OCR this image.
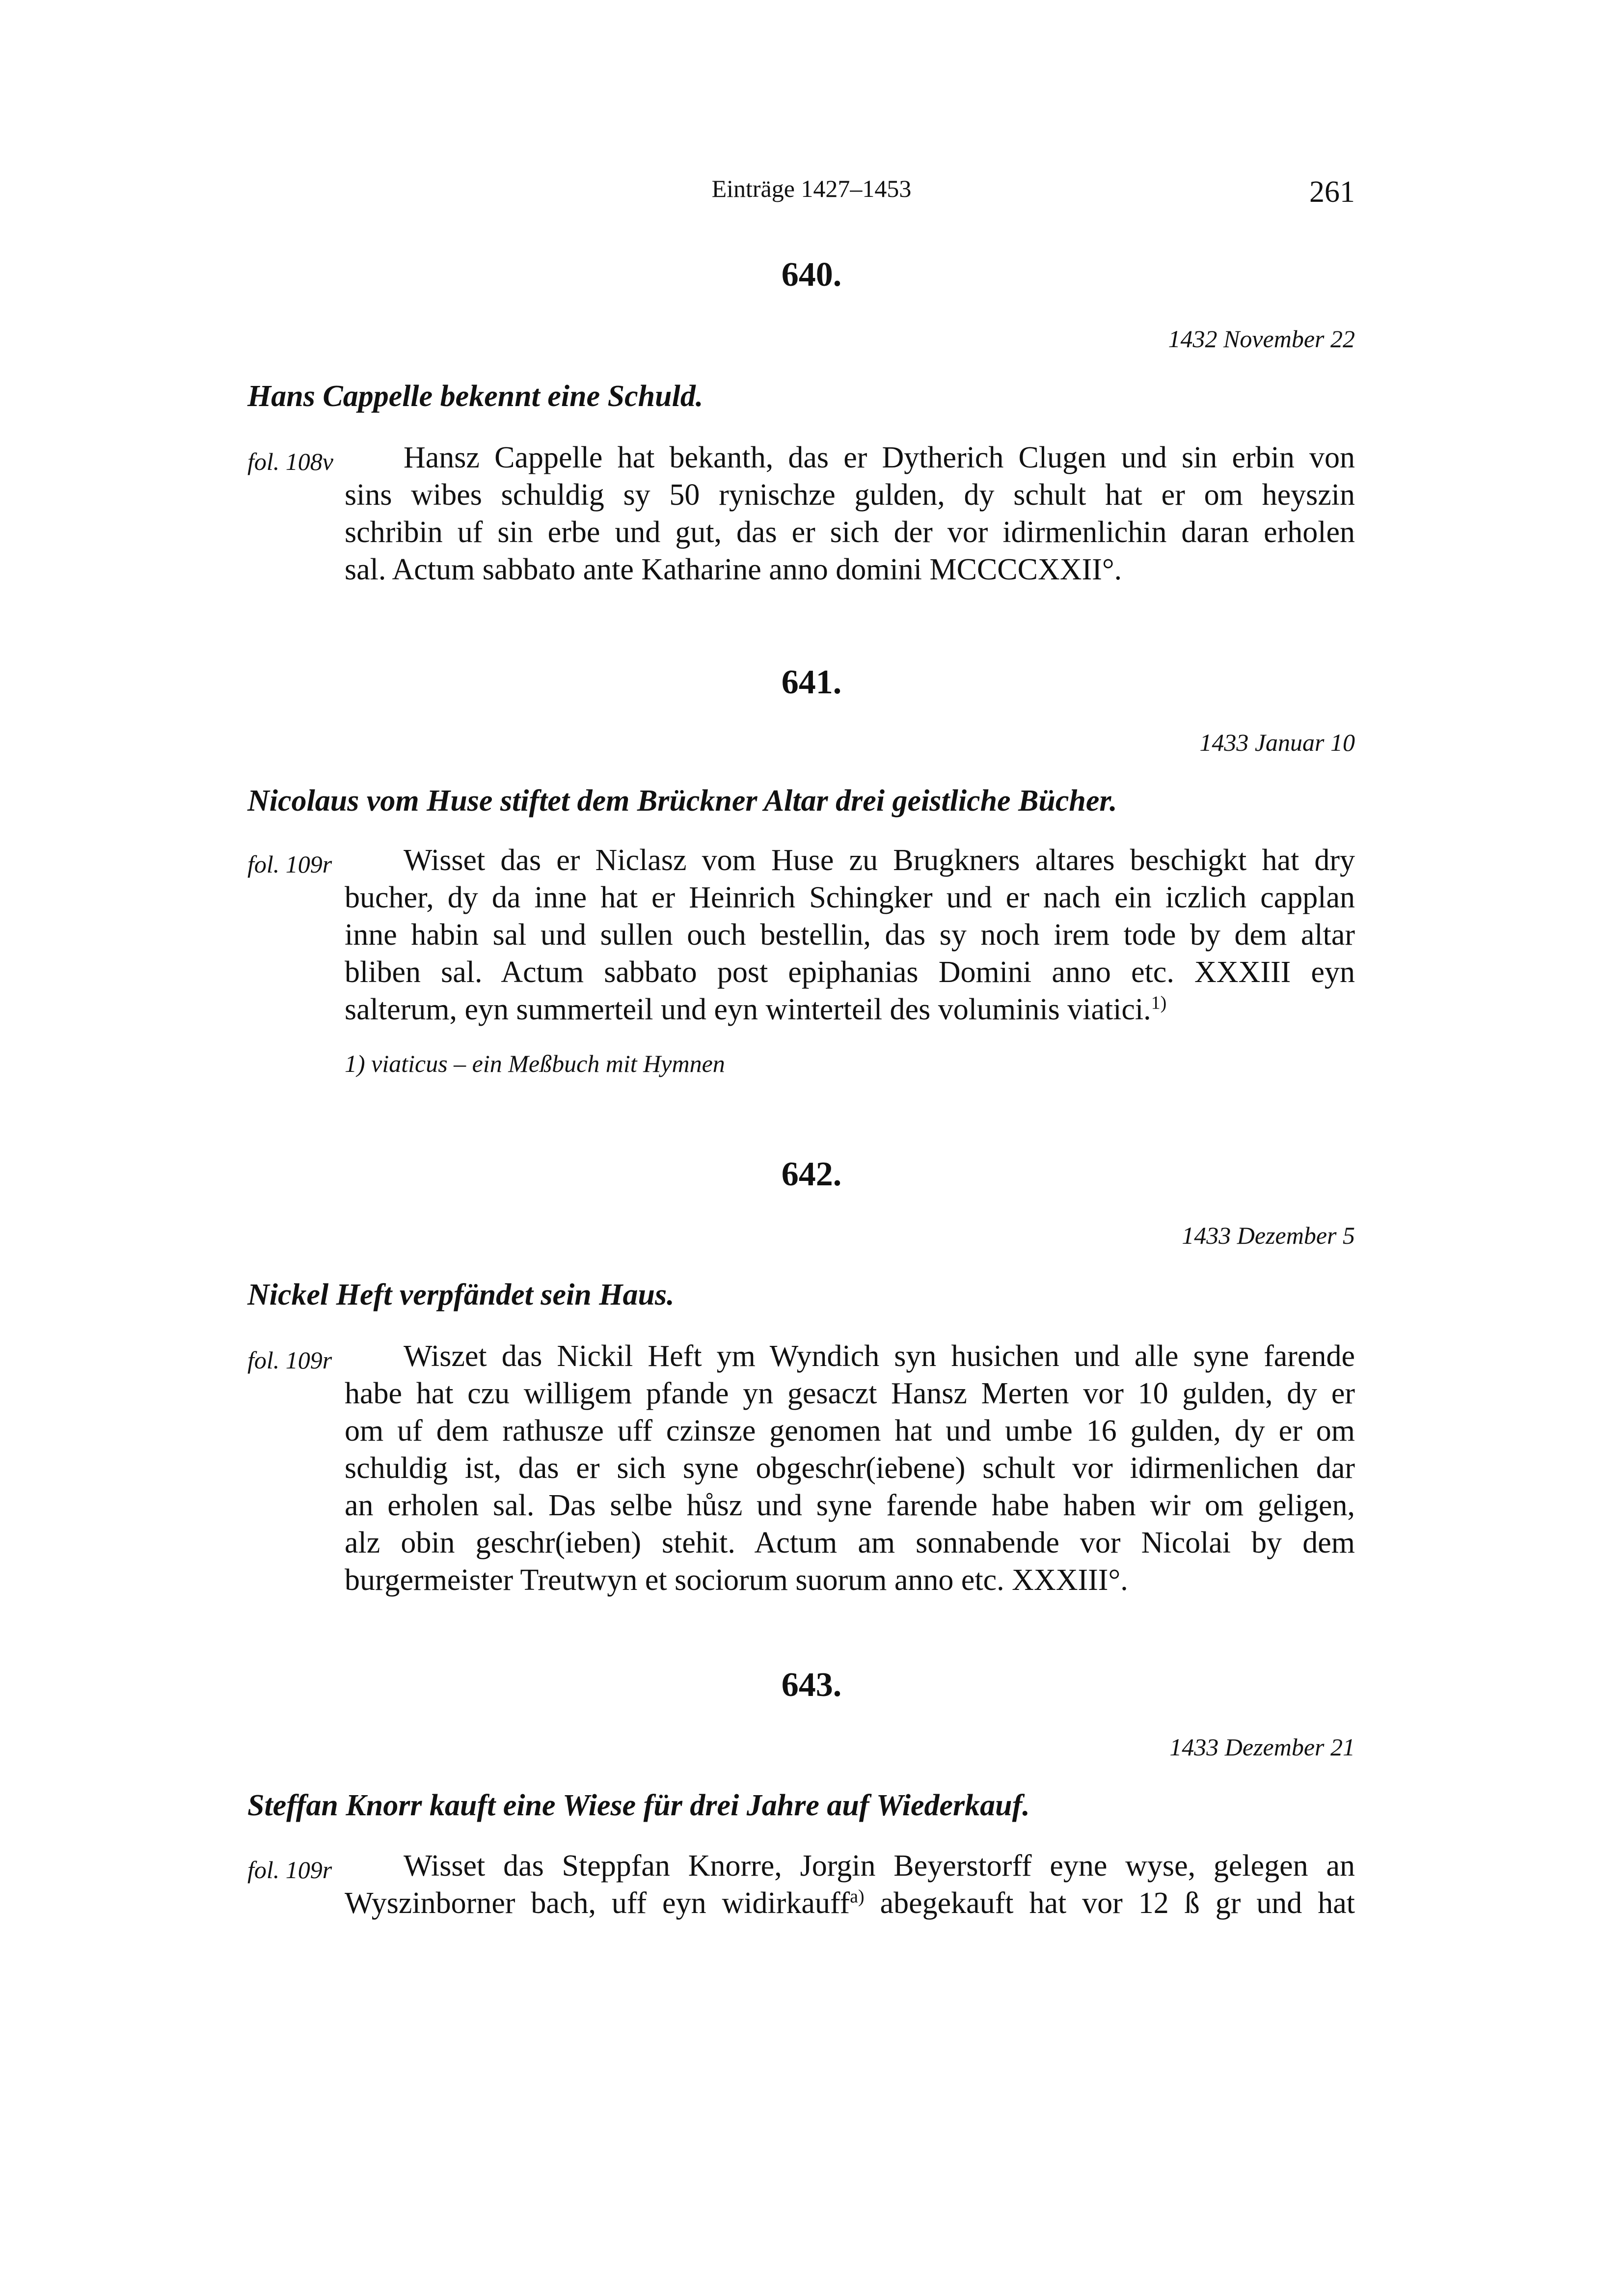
Einträge 1427–1453	261
640.
1432 November 22
Hans Cappelle bekennt eine Schuld.
fol. 108v	Hansz Cappelle hat bekanth, das er Dytherich Clugen und sin erbin von
sins wibes schuldig sy 50 rynischze gulden, dy schult hat er om heyszin
schribin uf sin erbe und gut, das er sich der vor idirmenlichin daran erholen
sal. Actum sabbato ante Katharine anno domini MCCCCXXII°.
641.
1433 Januar 10
Nicolaus vom Huse stiftet dem Brückner Altar drei geistliche Bücher.
fol. 109r	Wisset das er Niclasz vom Huse zu Brugkners altares beschigkt hat dry
bucher, dy da inne hat er Heinrich Schingker und er nach ein iczlich capplan
inne habin sal und sullen ouch bestellin, das sy noch irem tode by dem altar
bliben sal. Actum sabbato post epiphanias Domini anno etc. XXXIII eyn
salterum, eyn summerteil und eyn winterteil des voluminis viatici.$^{1)}$
1) viaticus – ein Meßbuch mit Hymnen
642.
1433 Dezember 5
Nickel Heft verpfändet sein Haus.
fol. 109r	Wiszet das Nickil Heft ym Wyndich syn husichen und alle syne farende
habe hat czu willigem pfande yn gesaczt Hansz Merten vor 10 gulden, dy er
om uf dem rathusze uff czinsze genomen hat und umbe 16 gulden, dy er om
schuldig ist, das er sich syne obgeschr(iebene) schult vor idirmenlichen dar
an erholen sal. Das selbe hůsz und syne farende habe haben wir om geligen,
alz obin geschr(ieben) stehit. Actum am sonnabende vor Nicolai by dem
burgermeister Treutwyn et sociorum suorum anno etc. XXXIII°.
643.
1433 Dezember 21
Steffan Knorr kauft eine Wiese für drei Jahre auf Wiederkauf.
fol. 109r	Wisset das Steppfan Knorre, Jorgin Beyerstorff eyne wyse, gelegen an
Wyszinborner bach, uff eyn widirkauff$^{a)}$ abegekauft hat vor 12 ß gr und hat
